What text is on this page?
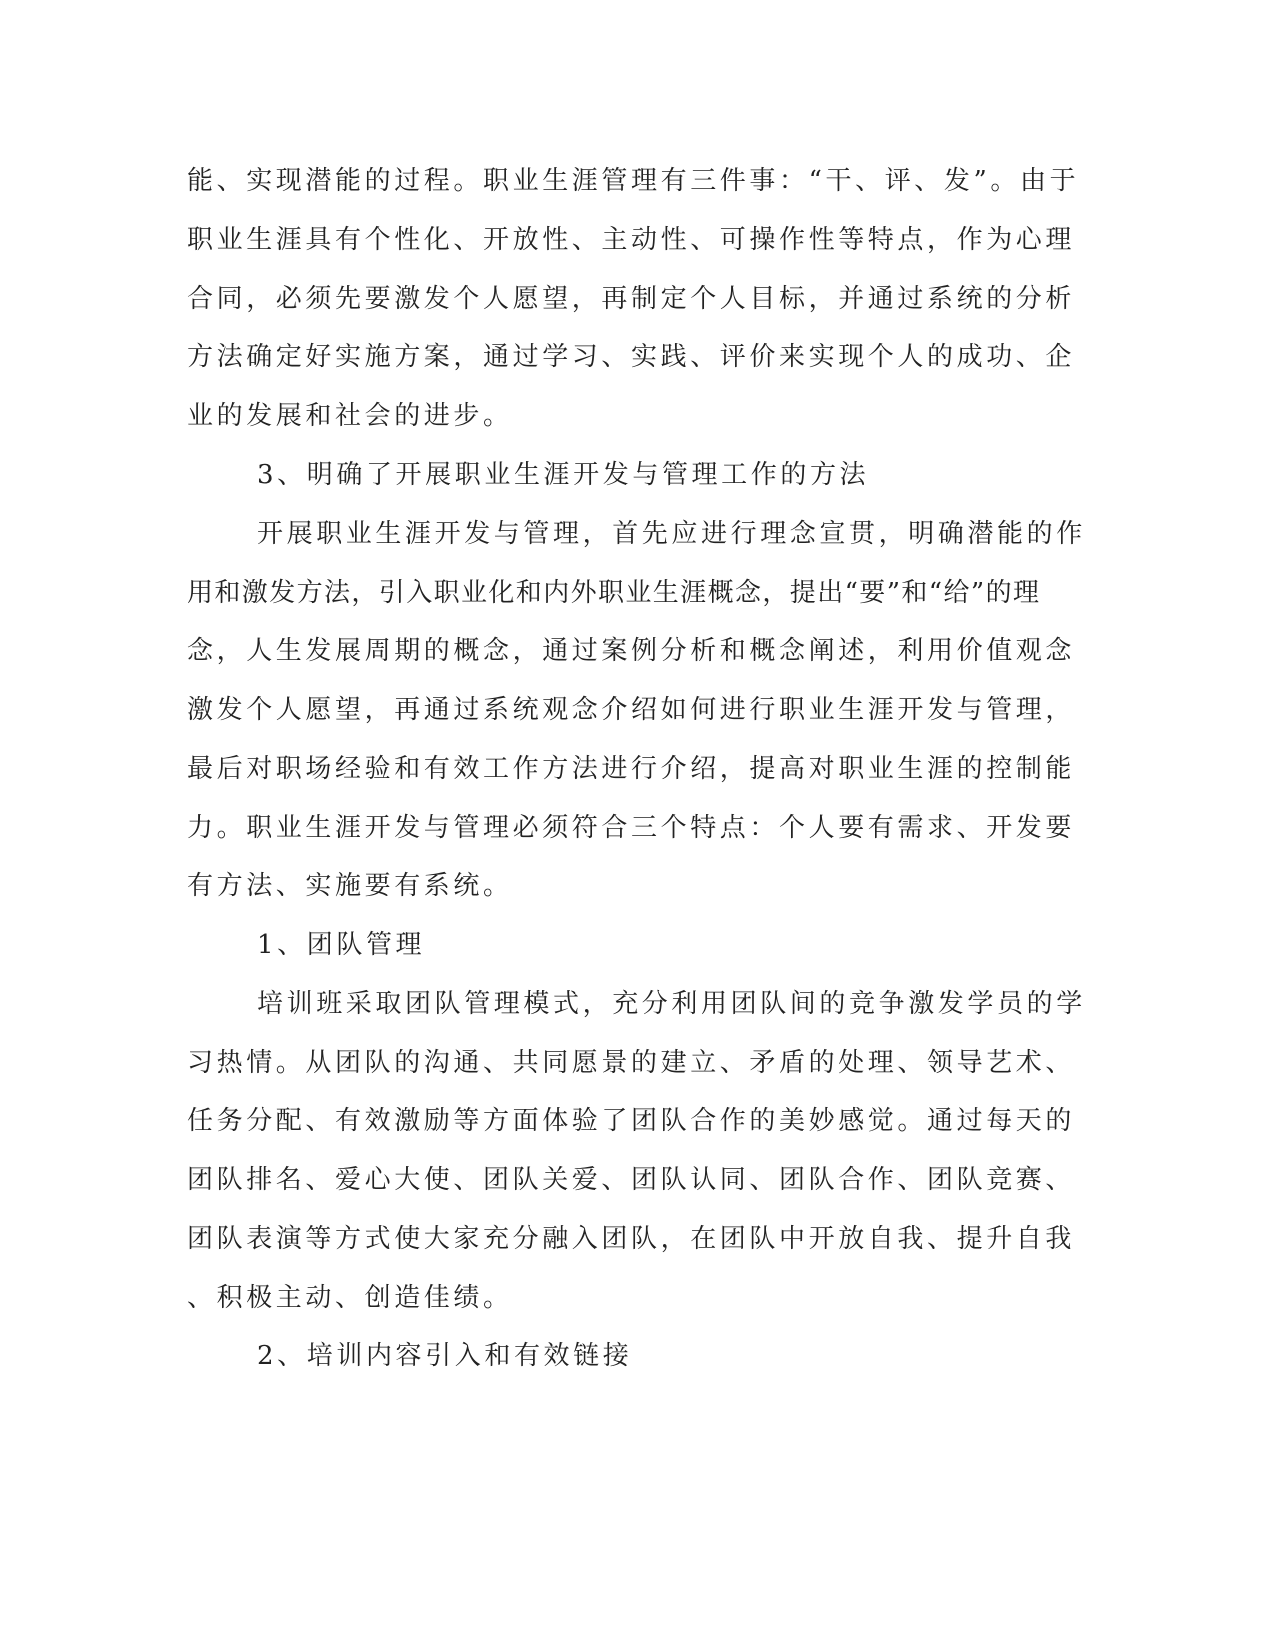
能、实现潜能的过程。职业生涯管理有三件事：“干、评、发”。由于
职业生涯具有个性化、开放性、主动性、可操作性等特点，作为心理
合同，必须先要激发个人愿望，再制定个人目标，并通过系统的分析
方法确定好实施方案，通过学习、实践、评价来实现个人的成功、企
业的发展和社会的进步。
3、明确了开展职业生涯开发与管理工作的方法
开展职业生涯开发与管理，首先应进行理念宣贯，明确潜能的作
用和激发方法，引入职业化和内外职业生涯概念，提出“要”和“给”的理
念，人生发展周期的概念，通过案例分析和概念阐述，利用价值观念
激发个人愿望，再通过系统观念介绍如何进行职业生涯开发与管理，
最后对职场经验和有效工作方法进行介绍，提高对职业生涯的控制能
力。职业生涯开发与管理必须符合三个特点：个人要有需求、开发要
有方法、实施要有系统。
1、团队管理
培训班采取团队管理模式，充分利用团队间的竞争激发学员的学
习热情。从团队的沟通、共同愿景的建立、矛盾的处理、领导艺术、
任务分配、有效激励等方面体验了团队合作的美妙感觉。通过每天的
团队排名、爱心大使、团队关爱、团队认同、团队合作、团队竞赛、
团队表演等方式使大家充分融入团队，在团队中开放自我、提升自我
、积极主动、创造佳绩。
2、培训内容引入和有效链接
